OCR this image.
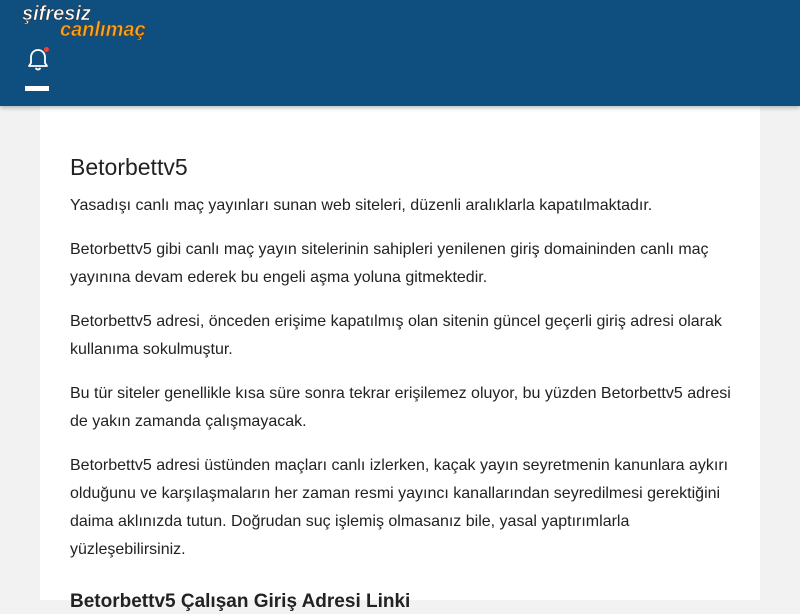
şifresiz
canlımaç
Betorbettv5

Yasadışı canlı maç yayınları sunan web siteleri, düzenli aralıklarla kapatılmaktadır.

Betorbettv5 gibi canlı maç yayın sitelerinin sahipleri yenilenen giriş domaininden canlı maç yayınına devam ederek bu engeli aşma yoluna gitmektedir.

Betorbettv5 adresi, önceden erişime kapatılmış olan sitenin güncel geçerli giriş adresi olarak kullanıma sokulmuştur.

Bu tür siteler genellikle kısa süre sonra tekrar erişilemez oluyor, bu yüzden Betorbettv5 adresi de yakın zamanda çalışmayacak.

Betorbettv5 adresi üstünden maçları canlı izlerken, kaçak yayın seyretmenin kanunlara aykırı olduğunu ve karşılaşmaların her zaman resmi yayıncı kanallarından seyredilmesi gerektiğini daima aklınızda tutun. Doğrudan suç işlemiş olmasanız bile, yasal yaptırımlarla yüzleşebilirsiniz.

Betorbettv5 Çalışan Giriş Adresi Linki
